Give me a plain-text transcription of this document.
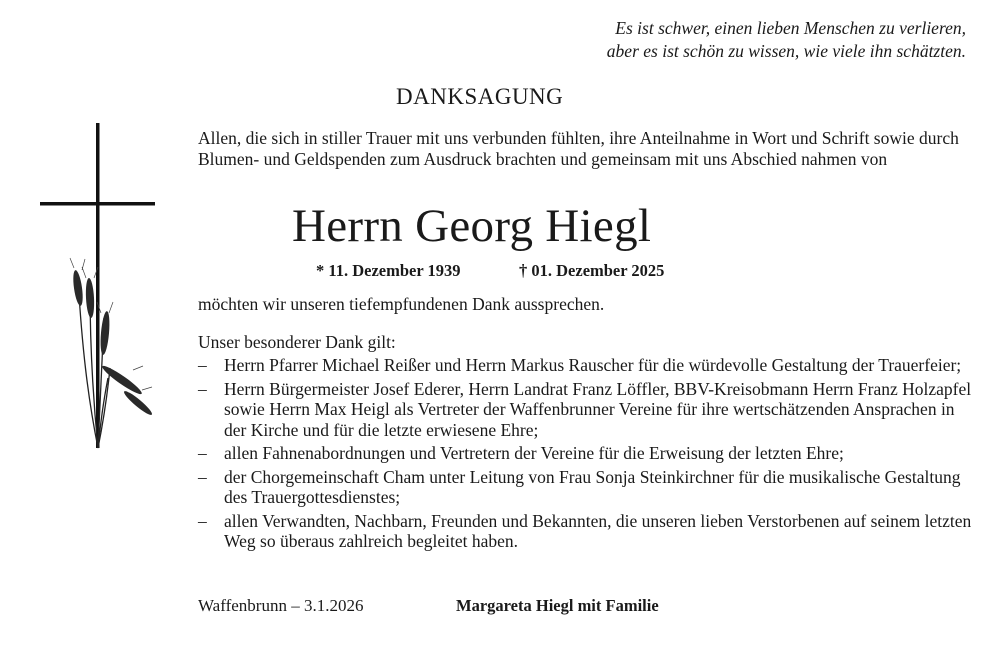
Es ist schwer, einen lieben Menschen zu verlieren,
aber es ist schön zu wissen, wie viele ihn schätzten.
DANKSAGUNG
Allen, die sich in stiller Trauer mit uns verbunden fühlten, ihre Anteilnahme in Wort und Schrift sowie durch Blumen- und Geldspenden zum Ausdruck brachten und gemeinsam mit uns Abschied nahmen von
Herrn Georg Hiegl
* 11. Dezember 1939	† 01. Dezember 2025
möchten wir unseren tiefempfundenen Dank aussprechen.
Unser besonderer Dank gilt:
– Herrn Pfarrer Michael Reißer und Herrn Markus Rauscher für die würdevolle Gestaltung der Trauerfeier;
– Herrn Bürgermeister Josef Ederer, Herrn Landrat Franz Löffler, BBV-Kreisobmann Herrn Franz Holzapfel sowie Herrn Max Heigl als Vertreter der Waffenbrunner Vereine für ihre wertschätzenden Ansprachen in der Kirche und für die letzte erwiesene Ehre;
– allen Fahnenabordnungen und Vertretern der Vereine für die Erweisung der letzten Ehre;
– der Chorgemeinschaft Cham unter Leitung von Frau Sonja Steinkirchner für die musikalische Gestaltung des Trauergottesdienstes;
– allen Verwandten, Nachbarn, Freunden und Bekannten, die unseren lieben Verstorbenen auf seinem letzten Weg so überaus zahlreich begleitet haben.
Waffenbrunn – 3.1.2026	Margareta Hiegl mit Familie
